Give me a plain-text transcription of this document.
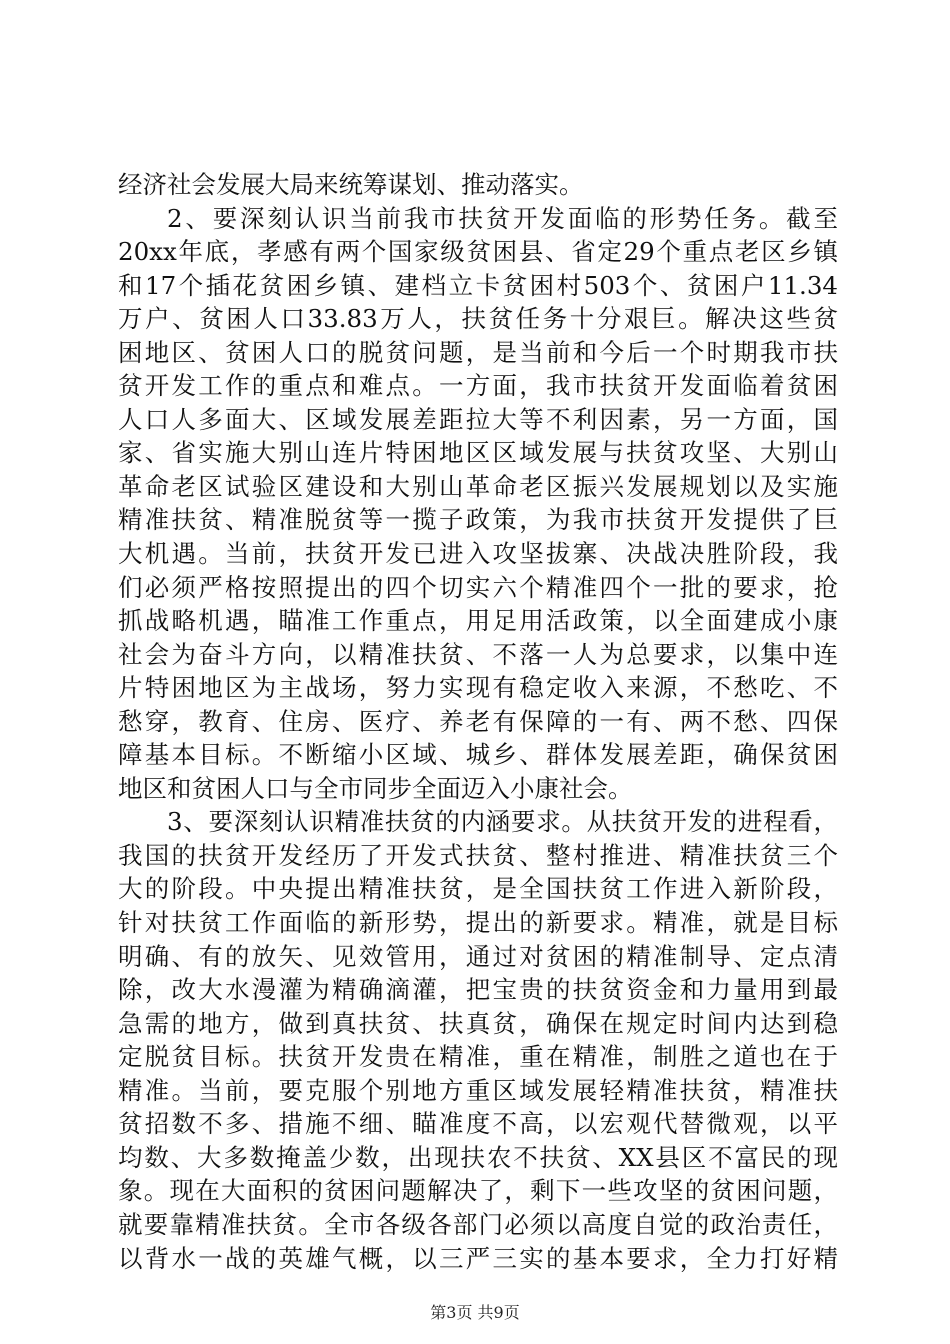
经济社会发展大局来统筹谋划、推动落实。
2、要深刻认识当前我市扶贫开发面临的形势任务。截至
20xx年底，孝感有两个国家级贫困县、省定29个重点老区乡镇
和17个插花贫困乡镇、建档立卡贫困村503个、贫困户11.34
万户、贫困人口33.83万人，扶贫任务十分艰巨。解决这些贫
困地区、贫困人口的脱贫问题，是当前和今后一个时期我市扶
贫开发工作的重点和难点。一方面，我市扶贫开发面临着贫困
人口人多面大、区域发展差距拉大等不利因素，另一方面，国
家、省实施大别山连片特困地区区域发展与扶贫攻坚、大别山
革命老区试验区建设和大别山革命老区振兴发展规划以及实施
精准扶贫、精准脱贫等一揽子政策，为我市扶贫开发提供了巨
大机遇。当前，扶贫开发已进入攻坚拔寨、决战决胜阶段，我
们必须严格按照提出的四个切实六个精准四个一批的要求，抢
抓战略机遇，瞄准工作重点，用足用活政策，以全面建成小康
社会为奋斗方向，以精准扶贫、不落一人为总要求，以集中连
片特困地区为主战场，努力实现有稳定收入来源，不愁吃、不
愁穿，教育、住房、医疗、养老有保障的一有、两不愁、四保
障基本目标。不断缩小区域、城乡、群体发展差距，确保贫困
地区和贫困人口与全市同步全面迈入小康社会。
3、要深刻认识精准扶贫的内涵要求。从扶贫开发的进程看，
我国的扶贫开发经历了开发式扶贫、整村推进、精准扶贫三个
大的阶段。中央提出精准扶贫，是全国扶贫工作进入新阶段，
针对扶贫工作面临的新形势，提出的新要求。精准，就是目标
明确、有的放矢、见效管用，通过对贫困的精准制导、定点清
除，改大水漫灌为精确滴灌，把宝贵的扶贫资金和力量用到最
急需的地方，做到真扶贫、扶真贫，确保在规定时间内达到稳
定脱贫目标。扶贫开发贵在精准，重在精准，制胜之道也在于
精准。当前，要克服个别地方重区域发展轻精准扶贫，精准扶
贫招数不多、措施不细、瞄准度不高，以宏观代替微观，以平
均数、大多数掩盖少数，出现扶农不扶贫、XX县区不富民的现
象。现在大面积的贫困问题解决了，剩下一些攻坚的贫困问题，
就要靠精准扶贫。全市各级各部门必须以高度自觉的政治责任，
以背水一战的英雄气概，以三严三实的基本要求，全力打好精
第3页 共9页
